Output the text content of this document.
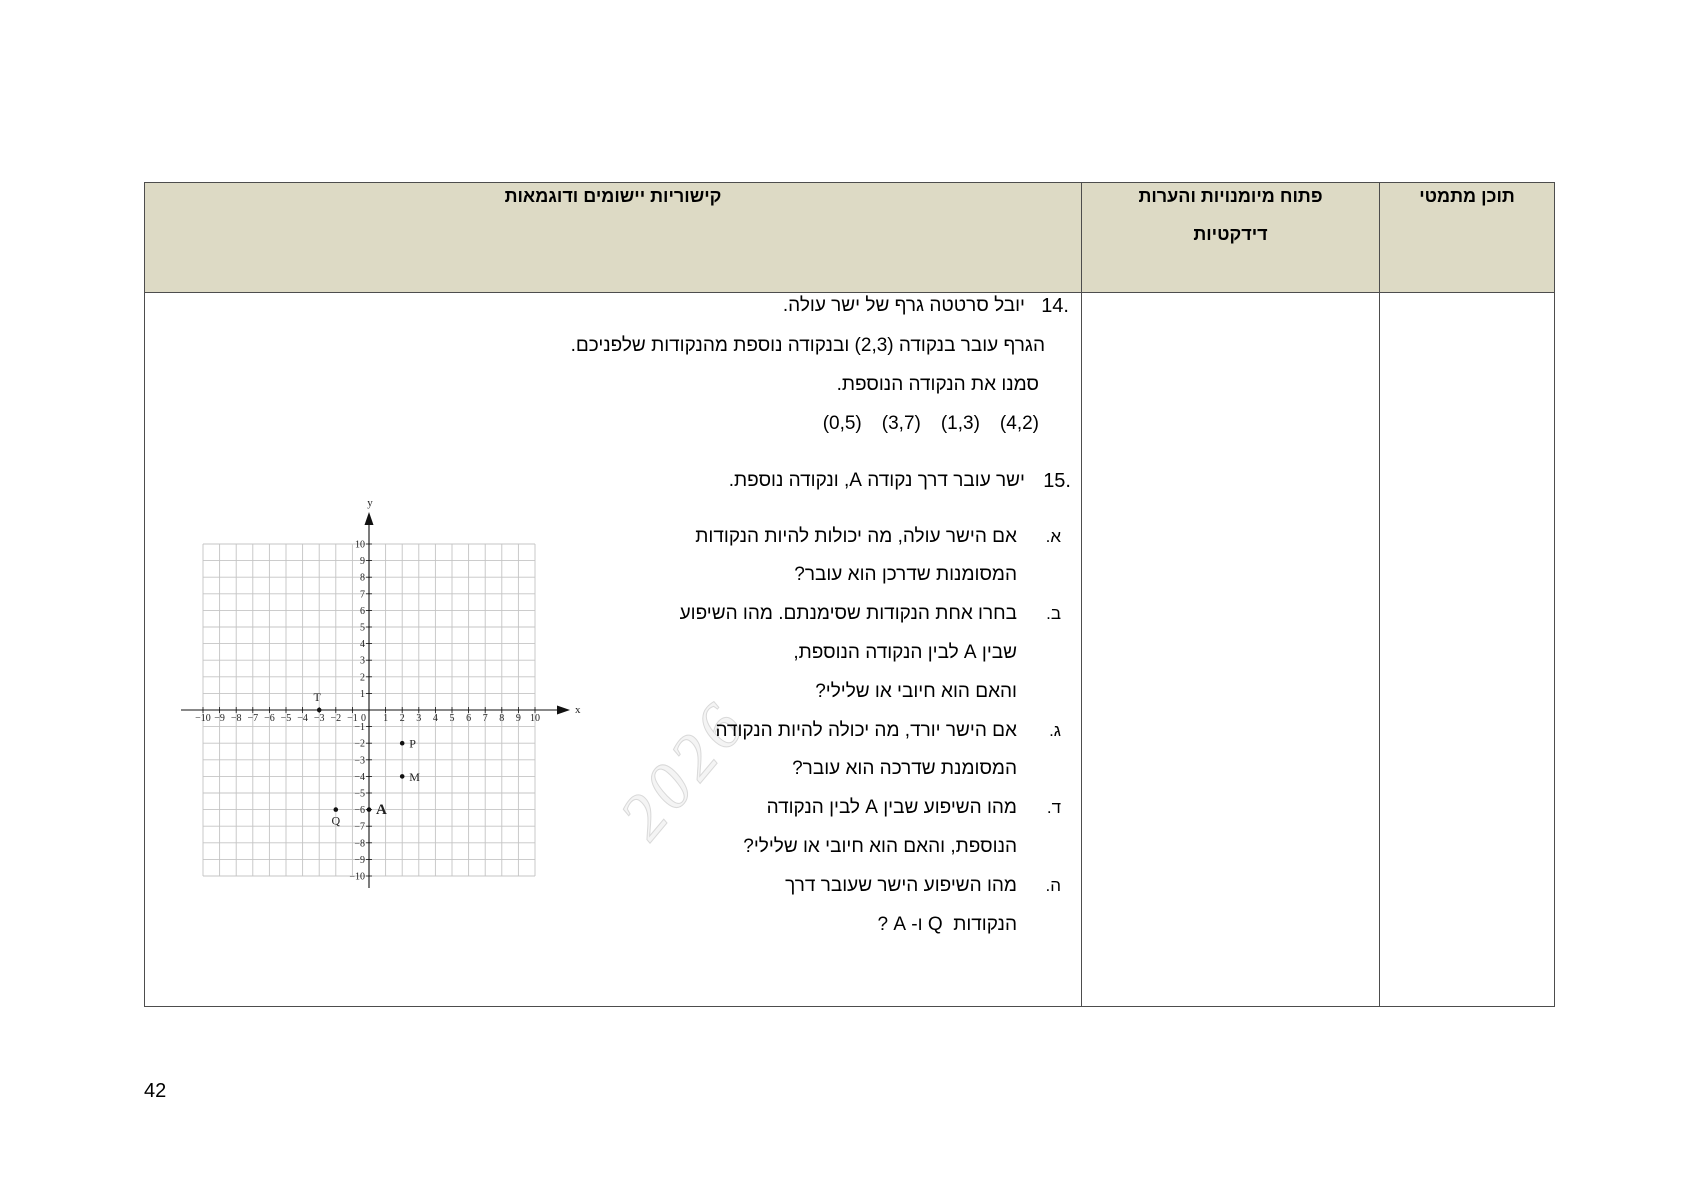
2026
קישוריות יישומים ודוגמאות	פתוח מיומנויות והערות
דידקטיות
תוכן מתמטי
14.
יובל סרטטה גרף של ישר עולה.
הגרף עובר בנקודה (2,3) ובנקודה נוספת מהנקודות שלפניכם.
סמנו את הנקודה הנוספת.
(4,2)
(1,3)
(3,7)
(0,5)
15.
ישר עובר דרך נקודה A, ונקודה נוספת.
א.
אם הישר עולה, מה יכולות להיות הנקודות
המסומנות שדרכן הוא עובר?
ב.
בחרו אחת הנקודות שסימנתם. מהו השיפוע
שבין A לבין הנקודה הנוספת,
והאם הוא חיובי או שלילי?
ג.
אם הישר יורד, מה יכולה להיות הנקודה
המסומנת שדרכה הוא עובר?
ד.
מהו השיפוע שבין A לבין הנקודה
הנוספת, והאם הוא חיובי או שלילי?
ה.
מהו השיפוע הישר שעובר דרך
הנקודות  Q ו- A ?
x
y
−10 −9 −8 −7 −6 −5 −4 −3 −2 −1	1 2 3 4 5 6 7 8 9 10
10
9
8
7
6
5
4
3
2
1
−1
−2
−3
−4
−5
−6
−7
−8
−9
−10
0
T
P
M
Q
A
42
